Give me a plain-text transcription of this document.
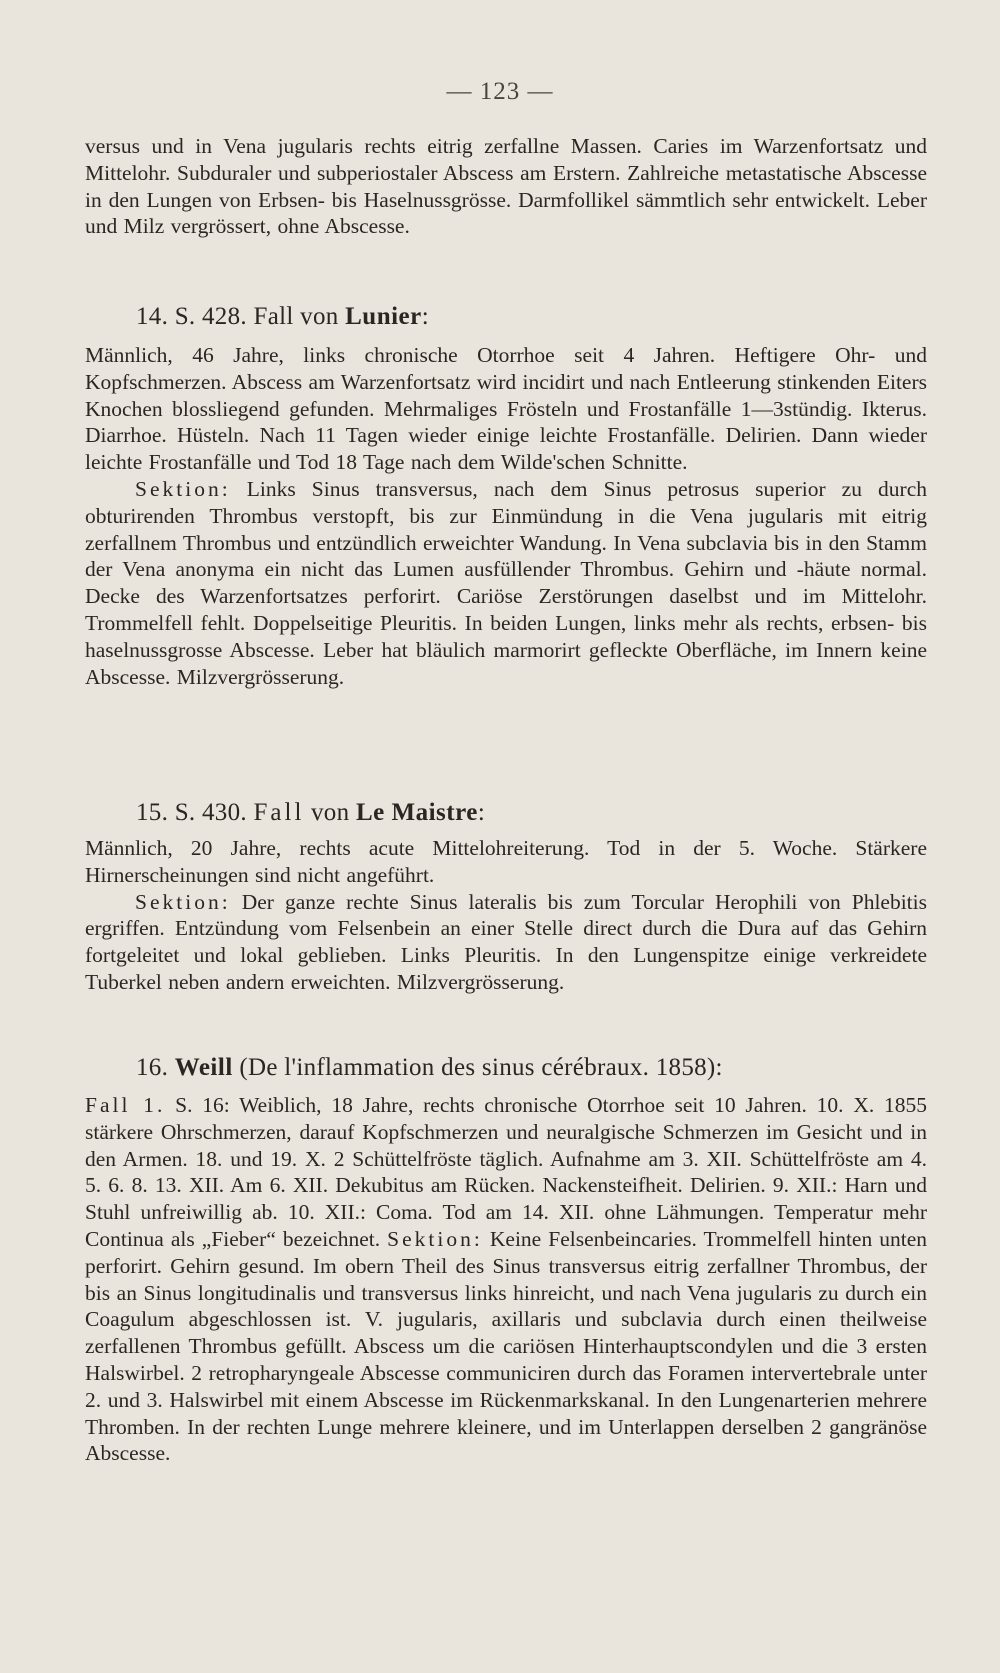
— 123 —

versus und in Vena jugularis rechts eitrig zerfallne Massen. Caries im Warzenfortsatz und Mittelohr. Subduraler und subperiostaler Abscess am Erstern. Zahlreiche metastatische Abscesse in den Lungen von Erbsen- bis Haselnussgrösse. Darmfollikel sämmtlich sehr entwickelt. Leber und Milz vergrössert, ohne Abscesse.

14. S. 428. Fall von Lunier:

Männlich, 46 Jahre, links chronische Otorrhoe seit 4 Jahren. Heftigere Ohr- und Kopfschmerzen. Abscess am Warzenfortsatz wird incidirt und nach Entleerung stinkenden Eiters Knochen blossliegend gefunden. Mehrmaliges Frösteln und Frostanfälle 1—3stündig. Ikterus. Diarrhoe. Hüsteln. Nach 11 Tagen wieder einige leichte Frostanfälle. Delirien. Dann wieder leichte Frostanfälle und Tod 18 Tage nach dem Wilde'schen Schnitte.

Sektion: Links Sinus transversus, nach dem Sinus petrosus superior zu durch obturirenden Thrombus verstopft, bis zur Einmündung in die Vena jugularis mit eitrig zerfallnem Thrombus und entzündlich erweichter Wandung. In Vena subclavia bis in den Stamm der Vena anonyma ein nicht das Lumen ausfüllender Thrombus. Gehirn und -häute normal. Decke des Warzenfortsatzes perforirt. Cariöse Zerstörungen daselbst und im Mittelohr. Trommelfell fehlt. Doppelseitige Pleuritis. In beiden Lungen, links mehr als rechts, erbsen- bis haselnussgrosse Abscesse. Leber hat bläulich marmorirt gefleckte Oberfläche, im Innern keine Abscesse. Milzvergrösserung.

15. S. 430. Fall von Le Maistre:

Männlich, 20 Jahre, rechts acute Mittelohreiterung. Tod in der 5. Woche. Stärkere Hirnerscheinungen sind nicht angeführt.

Sektion: Der ganze rechte Sinus lateralis bis zum Torcular Herophili von Phlebitis ergriffen. Entzündung vom Felsenbein an einer Stelle direct durch die Dura auf das Gehirn fortgeleitet und lokal geblieben. Links Pleuritis. In den Lungenspitze einige verkreidete Tuberkel neben andern erweichten. Milzvergrösserung.

16. Weill (De l'inflammation des sinus cérébraux. 1858):

Fall 1. S. 16: Weiblich, 18 Jahre, rechts chronische Otorrhoe seit 10 Jahren. 10. X. 1855 stärkere Ohrschmerzen, darauf Kopfschmerzen und neuralgische Schmerzen im Gesicht und in den Armen. 18. und 19. X. 2 Schüttelfröste täglich. Aufnahme am 3. XII. Schüttelfröste am 4. 5. 6. 8. 13. XII. Am 6. XII. Dekubitus am Rücken. Nackensteifheit. Delirien. 9. XII.: Harn und Stuhl unfreiwillig ab. 10. XII.: Coma. Tod am 14. XII. ohne Lähmungen. Temperatur mehr Continua als „Fieber“ bezeichnet. Sektion: Keine Felsenbeincaries. Trommelfell hinten unten perforirt. Gehirn gesund. Im obern Theil des Sinus transversus eitrig zerfallner Thrombus, der bis an Sinus longitudinalis und transversus links hinreicht, und nach Vena jugularis zu durch ein Coagulum abgeschlossen ist. V. jugularis, axillaris und subclavia durch einen theilweise zerfallenen Thrombus gefüllt. Abscess um die cariösen Hinterhauptscondylen und die 3 ersten Halswirbel. 2 retropharyngeale Abscesse communiciren durch das Foramen intervertebrale unter 2. und 3. Halswirbel mit einem Abscesse im Rückenmarkskanal. In den Lungenarterien mehrere Thromben. In der rechten Lunge mehrere kleinere, und im Unterlappen derselben 2 gangränöse Abscesse.
